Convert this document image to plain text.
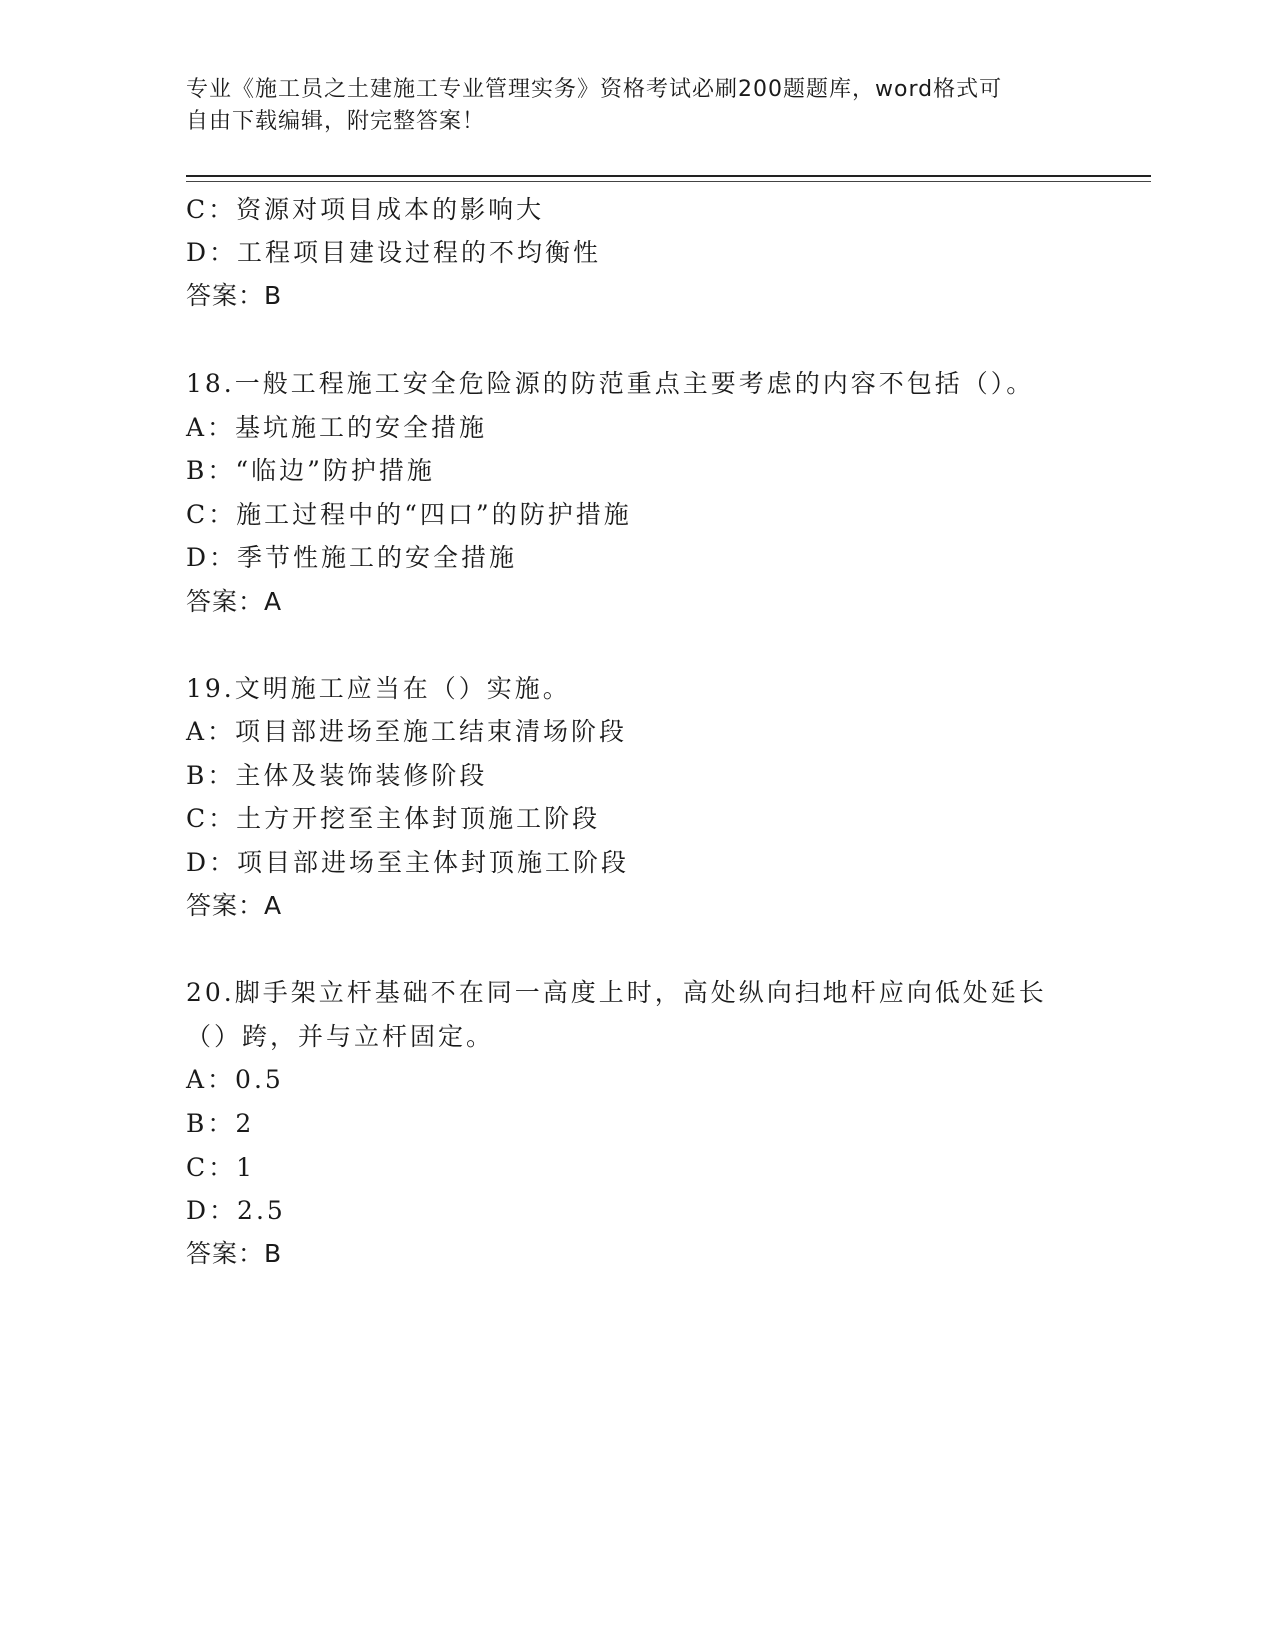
专业《施工员之土建施工专业管理实务》资格考试必刷200题题库，word格式可
自由下载编辑，附完整答案！
C：资源对项目成本的影响大
D：工程项目建设过程的不均衡性
答案：B
18.一般工程施工安全危险源的防范重点主要考虑的内容不包括（）。
A：基坑施工的安全措施
B：“临边”防护措施
C：施工过程中的“四口”的防护措施
D：季节性施工的安全措施
答案：A
19.文明施工应当在（）实施。
A：项目部进场至施工结束清场阶段
B：主体及装饰装修阶段
C：土方开挖至主体封顶施工阶段
D：项目部进场至主体封顶施工阶段
答案：A
20.脚手架立杆基础不在同一高度上时，高处纵向扫地杆应向低处延长
（）跨，并与立杆固定。
A：0.5
B：2
C：1
D：2.5
答案：B
